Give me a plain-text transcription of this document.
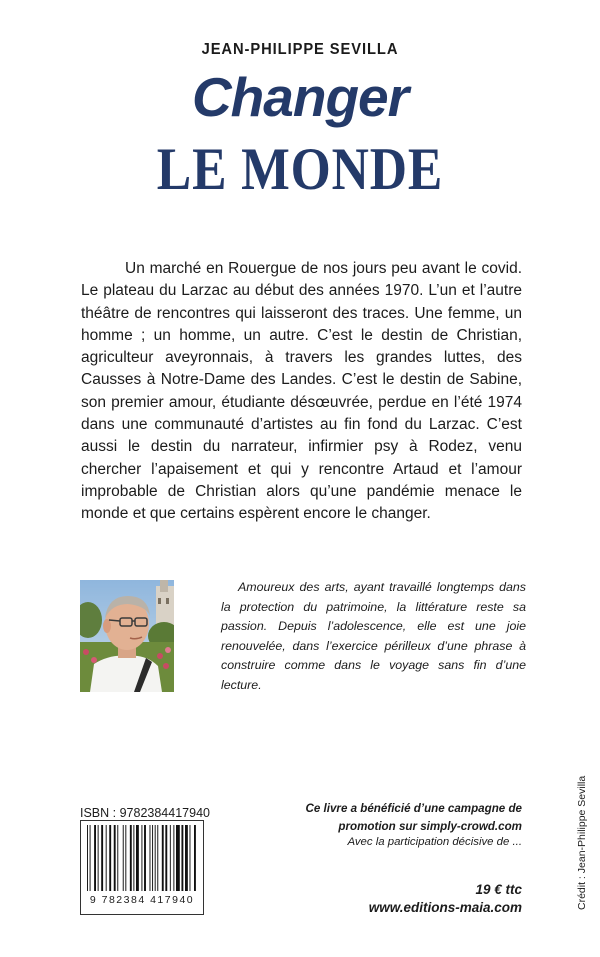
JEAN-PHILIPPE SEVILLA
Changer
LE MONDE

Un marché en Rouergue de nos jours peu avant le covid. Le plateau du Larzac au début des années 1970. L’un et l’autre théâtre de rencontres qui laisseront des traces. Une femme, un homme ; un homme, un autre. C’est le destin de Christian, agriculteur aveyronnais, à travers les grandes luttes, des Causses à Notre-Dame des Landes. C’est le destin de Sabine, son premier amour, étudiante désœuvrée, perdue en l’été 1974 dans une communauté d’artistes au fin fond du Larzac. C’est aussi le destin du narrateur, infirmier psy à Rodez, venu chercher l’apaisement et qui y rencontre Artaud et l’amour improbable de Christian alors qu’une pandémie menace le monde et que certains espèrent encore le changer.

Amoureux des arts, ayant travaillé longtemps dans la protection du patrimoine, la littérature reste sa passion. Depuis l’adolescence, elle est une joie renouvelée, dans l’exercice périlleux d’une phrase à construire comme dans le voyage sans fin d’une lecture.

ISBN : 9782384417940
9 782384 417940

Ce livre a bénéficié d’une campagne de promotion sur simply-crowd.com

Avec la participation décisive de ...
19 € ttc
www.editions-maia.com	Crédit : Jean-Philippe Sevilla
